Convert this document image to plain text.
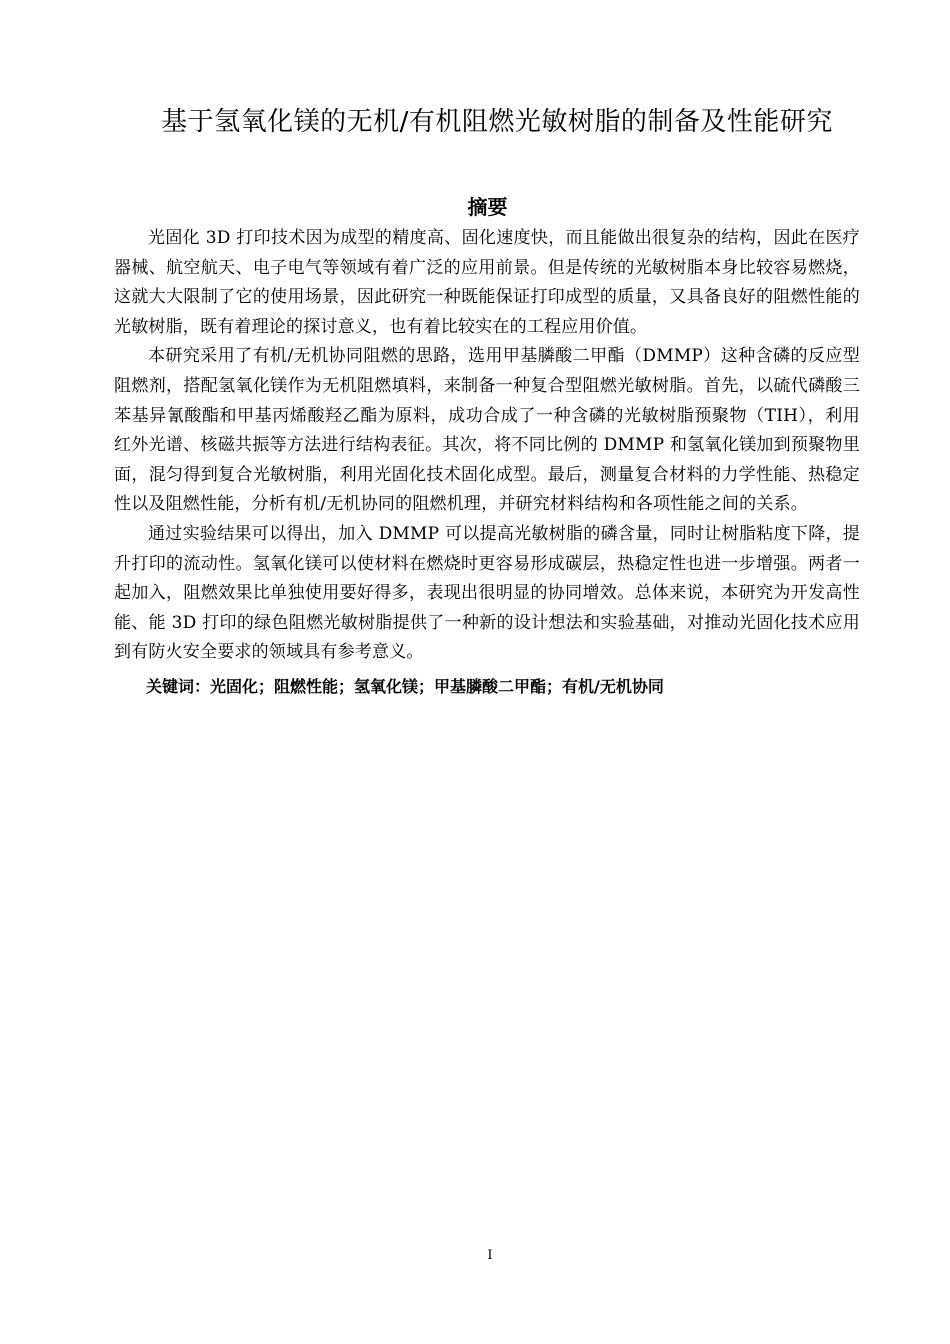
基于氢氧化镁的无机/有机阻燃光敏树脂的制备及性能研究
摘要

光固化 3D 打印技术因为成型的精度高、固化速度快，而且能做出很复杂的结构，因此在医疗器械、航空航天、电子电气等领域有着广泛的应用前景。但是传统的光敏树脂本身比较容易燃烧，这就大大限制了它的使用场景，因此研究一种既能保证打印成型的质量，又具备良好的阻燃性能的光敏树脂，既有着理论的探讨意义，也有着比较实在的工程应用价值。

本研究采用了有机/无机协同阻燃的思路，选用甲基膦酸二甲酯（DMMP）这种含磷的反应型阻燃剂，搭配氢氧化镁作为无机阻燃填料，来制备一种复合型阻燃光敏树脂。首先，以硫代磷酸三苯基异氰酸酯和甲基丙烯酸羟乙酯为原料，成功合成了一种含磷的光敏树脂预聚物（TIH），利用红外光谱、核磁共振等方法进行结构表征。其次，将不同比例的 DMMP 和氢氧化镁加到预聚物里面，混匀得到复合光敏树脂，利用光固化技术固化成型。最后，测量复合材料的力学性能、热稳定性以及阻燃性能，分析有机/无机协同的阻燃机理，并研究材料结构和各项性能之间的关系。

通过实验结果可以得出，加入 DMMP 可以提高光敏树脂的磷含量，同时让树脂粘度下降，提升打印的流动性。氢氧化镁可以使材料在燃烧时更容易形成碳层，热稳定性也进一步增强。两者一起加入，阻燃效果比单独使用要好得多，表现出很明显的协同增效。总体来说，本研究为开发高性能、能 3D 打印的绿色阻燃光敏树脂提供了一种新的设计想法和实验基础，对推动光固化技术应用到有防火安全要求的领域具有参考意义。

关键词：光固化；阻燃性能；氢氧化镁；甲基膦酸二甲酯；有机/无机协同

I
